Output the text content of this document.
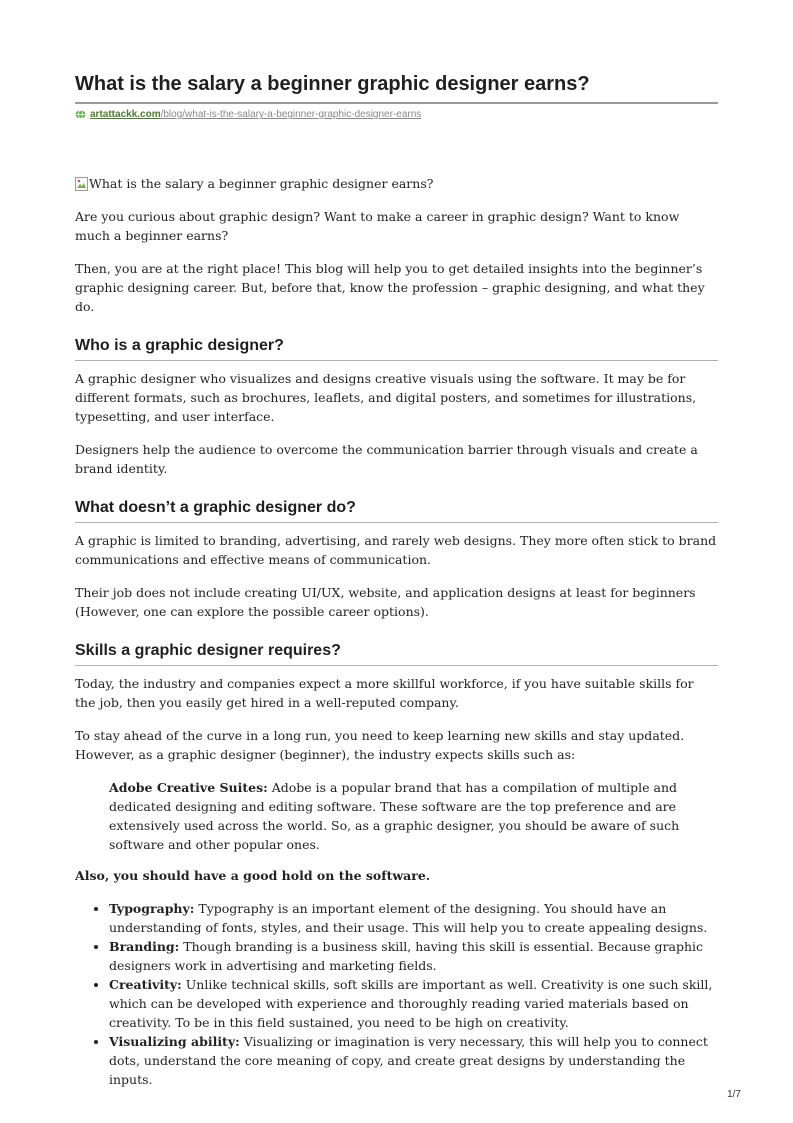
What is the salary a beginner graphic designer earns?
artattackk.com /blog/what-is-the-salary-a-beginner-graphic-designer-earns
What is the salary a beginner graphic designer earns?

Are you curious about graphic design? Want to make a career in graphic design? Want to know much a beginner earns?

Then, you are at the right place! This blog will help you to get detailed insights into the beginner’s graphic designing career. But, before that, know the profession – graphic designing, and what they do.

Who is a graphic designer?

A graphic designer who visualizes and designs creative visuals using the software. It may be for different formats, such as brochures, leaflets, and digital posters, and sometimes for illustrations, typesetting, and user interface.

Designers help the audience to overcome the communication barrier through visuals and create a brand identity.

What doesn’t a graphic designer do?

A graphic is limited to branding, advertising, and rarely web designs. They more often stick to brand communications and effective means of communication.

Their job does not include creating UI/UX, website, and application designs at least for beginners (However, one can explore the possible career options).

Skills a graphic designer requires?

Today, the industry and companies expect a more skillful workforce, if you have suitable skills for the job, then you easily get hired in a well-reputed company.

To stay ahead of the curve in a long run, you need to keep learning new skills and stay updated. However, as a graphic designer (beginner), the industry expects skills such as:

Adobe Creative Suites: Adobe is a popular brand that has a compilation of multiple and dedicated designing and editing software. These software are the top preference and are extensively used across the world. So, as a graphic designer, you should be aware of such software and other popular ones.

Also, you should have a good hold on the software.

• Typography: Typography is an important element of the designing. You should have an understanding of fonts, styles, and their usage. This will help you to create appealing designs.
• Branding: Though branding is a business skill, having this skill is essential. Because graphic designers work in advertising and marketing fields.
• Creativity: Unlike technical skills, soft skills are important as well. Creativity is one such skill, which can be developed with experience and thoroughly reading varied materials based on creativity. To be in this field sustained, you need to be high on creativity.
• Visualizing ability: Visualizing or imagination is very necessary, this will help you to connect dots, understand the core meaning of copy, and create great designs by understanding the inputs.
1/7
